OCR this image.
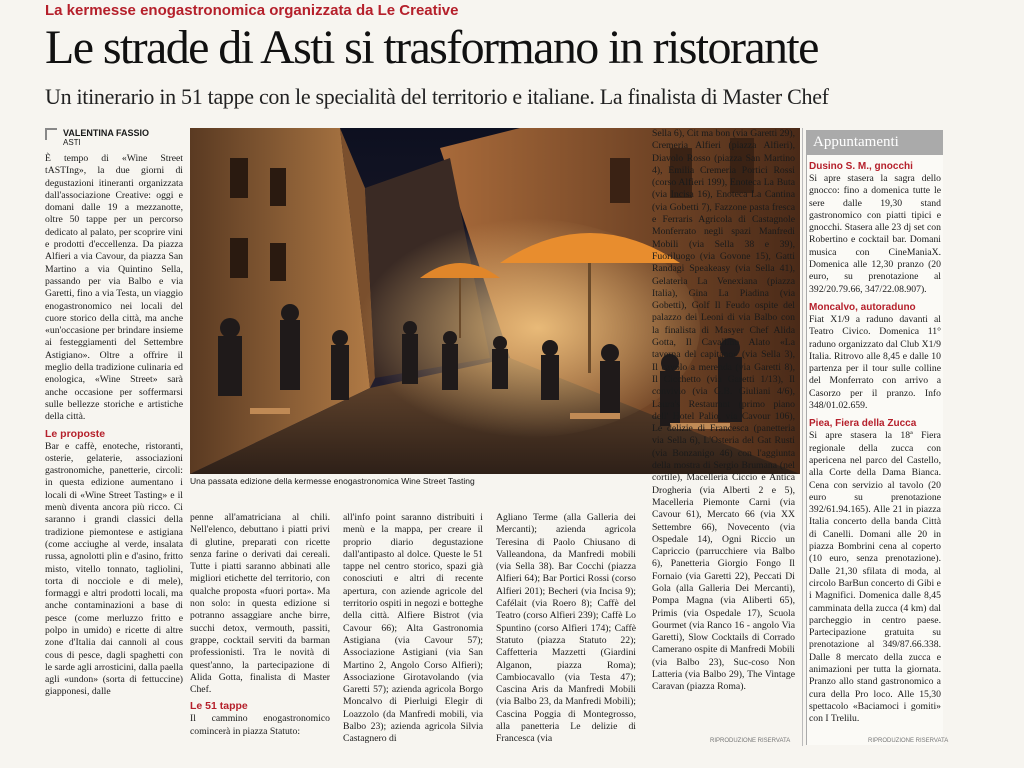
La kermesse enogastronomica organizzata da Le Creative
Le strade di Asti si trasformano in ristorante
Un itinerario in 51 tappe con le specialità del territorio e italiane. La finalista di Master Chef
VALENTINA FASSIO
ASTI

È tempo di «Wine Street tASTIng», la due giorni di degustazioni itineranti organizzata dall'associazione Creative: oggi e domani dalle 19 a mezzanotte, oltre 50 tappe per un percorso dedicato al palato, per scoprire vini e prodotti d'eccellenza. Da piazza Alfieri a via Cavour, da piazza San Martino a via Quintino Sella, passando per via Balbo e via Garetti, fino a via Testa, un viaggio enogastronomico nei locali del cuore storico della città, ma anche «un'occasione per brindare insieme ai festeggiamenti del Settembre Astigiano». Oltre a offrire il meglio della tradizione culinaria ed enologica, «Wine Street» sarà anche occasione per soffermarsi sulle bellezze storiche e artistiche della città.

Le proposte

Bar e caffè, enoteche, ristoranti, osterie, gelaterie, associazioni gastronomiche, panetterie, circoli: in questa edizione aumentano i locali di «Wine Street Tasting» e il menù diventa ancora più ricco. Ci saranno i grandi classici della tradizione piemontese e astigiana (come acciughe al verde, insalata russa, agnolotti plin e d'asino, fritto misto, vitello tonnato, tagliolini, torta di nocciole e di mele), formaggi e altri prodotti locali, ma anche contaminazioni a base di pesce (come merluzzo fritto e polpo in umido) e ricette di altre zone d'Italia dai cannoli al cous cous di pesce, dagli spaghetti con le sarde agli arrosticini, dalla paella agli «undon» (sorta di fettuccine) giapponesi, dalle

Una passata edizione della kermesse enogastronomica Wine Street Tasting

penne all'amatriciana al chili. Nell'elenco, debuttano i piatti privi di glutine, preparati con ricette senza farine o derivati dai cereali. Tutte i piatti saranno abbinati alle migliori etichette del territorio, con qualche proposta «fuori porta». Ma non solo: in questa edizione si potranno assaggiare anche birre, succhi detox, vermouth, passiti, grappe, cocktail serviti da barman professionisti. Tra le novità di quest'anno, la partecipazione di Alida Gotta, finalista di Master Chef.

Le 51 tappe

Il cammino enogastronomico comincerà in piazza Statuto:

all'info point saranno distribuiti i menù e la mappa, per creare il proprio diario degustazione dall'antipasto al dolce. Queste le 51 tappe nel centro storico, spazi già conosciuti e altri di recente apertura, con aziende agricole del territorio ospiti in negozi e botteghe della città. Alfiere Bistrot (via Cavour 66); Alta Gastronomia Astigiana (via Cavour 57); Associazione Astigiani (via San Martino 2, Angolo Corso Alfieri); Associazione Girotavolando (via Garetti 57); azienda agricola Borgo Moncalvo di Pierluigi Elegir di Loazzolo (da Manfredi mobili, via Balbo 23); azienda agricola Silvia Castagnero di

Agliano Terme (alla Galleria dei Mercanti); azienda agricola Teresina di Paolo Chiusano di Valleandona, da Manfredi mobili (via Sella 38). Bar Cocchi (piazza Alfieri 64); Bar Portici Rossi (corso Alfieri 201); Becheri (via Incisa 9); Cafélait (via Roero 8); Caffè del Teatro (corso Alfieri 239); Caffè Lo Spuntino (corso Alfieri 174); Caffè Statuto (piazza Statuto 22); Caffetteria Mazzetti (Giardini Alganon, piazza Roma); Cambiocavallo (via Testa 47); Cascina Aris da Manfredi Mobili (via Balbo 23, da Manfredi Mobili); Cascina Poggia di Montegrosso, alla panetteria Le delizie di Francesca (via

Sella 6), Cit ma bon (via Garetti 29), Cremeria Alfieri (piazza Alfieri), Diavolo Rosso (piazza San Martino 4), Emilia Cremeria Portici Rossi (corso Alfieri 199), Enoteca La Buta (via Incisa 16), Enoteca La Cantina (via Gobetti 7), Fazzone pasta fresca e Ferraris Agricola di Castagnole Monferrato negli spazi Manfredi Mobili (via Sella 38 e 39), Fuoriluogo (via Govone 15), Gatti Randagi Speakeasy (via Sella 41), Gelateria La Venexiana (piazza Italia), Gina La Piadina (via Gobetti), Golf Il Feudo ospite del palazzo dei Leoni di via Balbo con la finalista di Masyer Chef Alida Gotta, Il Cavallino Alato «La taverna del capitano» (via Sella 3), Il cavolo a merenda (via Garetti 8), Il Cicchetto (via Garetti 1/13), Il convivio (via G.B. Giuliani 4/6), Laura's Restaurant (primo piano dell' Hotel Palio, via Cavour 106), Le delizie di Francesca (panetteria via Sella 6), L'Osteria del Gat Rusti (via Bonzanigo 46) con l'aggiunta della mostra di Sergio Brumana (nel cortile), Macelleria Ciccio e Antica Drogheria (via Alberti 2 e 5), Macelleria Piemonte Carni (via Cavour 61), Mercato 66 (via XX Settembre 66), Novecento (via Ospedale 14), Ogni Riccio un Capriccio (parrucchiere via Balbo 6), Panetteria Giorgio Fongo Il Fornaio (via Garetti 22), Peccati Di Gola (alla Galleria Dei Mercanti), Pompa Magna (via Aliberti 65), Primis (via Ospedale 17), Scuola Gourmet (via Ranco 16 - angolo Via Garetti), Slow Cocktails di Corrado Camerano ospite di Manfredi Mobili (via Balbo 23), Suc-coso Non Latteria (via Balbo 29), The Vintage Caravan (piazza Roma).

RIPRODUZIONE RISERVATA
Appuntamenti
Dusino S. M., gnocchi
Si apre stasera la sagra dello gnocco: fino a domenica tutte le sere dalle 19,30 stand gastronomico con piatti tipici e gnocchi. Stasera alle 23 dj set con Robertino e cocktail bar. Domani musica con CineManiaX. Domenica alle 12,30 pranzo (20 euro, su prenotazione al 392/20.79.66, 347/22.08.907).
Moncalvo, autoraduno
Fiat X1/9 a raduno davanti al Teatro Civico. Domenica 11° raduno organizzato dal Club X1/9 Italia. Ritrovo alle 8,45 e dalle 10 partenza per il tour sulle colline del Monferrato con arrivo a Casorzo per il pranzo. Info 348/01.02.659.
Piea, Fiera della Zucca
Si apre stasera la 18ª Fiera regionale della zucca con apericena nel parco del Castello, alla Corte della Dama Bianca. Cena con servizio al tavolo (20 euro su prenotazione 392/61.94.165). Alle 21 in piazza Italia concerto della banda Città di Canelli. Domani alle 20 in piazza Bombrini cena al coperto (10 euro, senza prenotazione). Dalle 21,30 sfilata di moda, al circolo BarBun concerto di Gibi e i Magnifici. Domenica dalle 8,45 camminata della zucca (4 km) dal parcheggio in centro paese. Partecipazione gratuita su prenotazione al 349/87.66.338. Dalle 8 mercato della zucca e animazioni per tutta la giornata. Pranzo allo stand gastronomico a cura della Pro loco. Alle 15,30 spettacolo «Baciamoci i gomiti» con I Trelilu.
RIPRODUZIONE RISERVATA
